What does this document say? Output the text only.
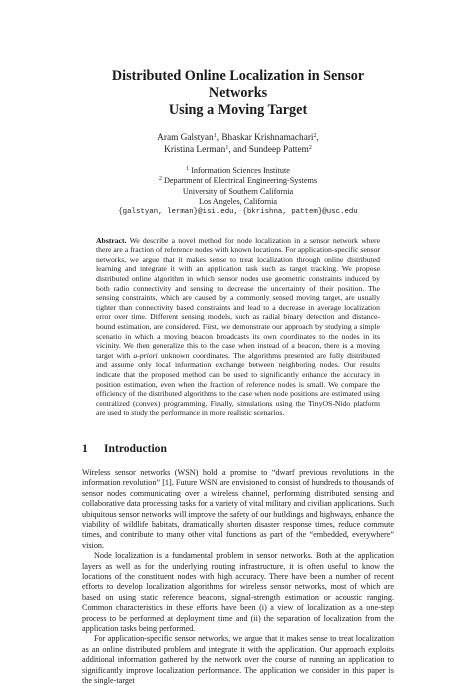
Distributed Online Localization in Sensor Networks
Using a Moving Target
Aram Galstyan$^1$, Bhaskar Krishnamachari$^2$,
Kristina Lerman$^1$, and Sundeep Pattem$^2$
$^1$ Information Sciences Institute
$^2$ Department of Electrical Engineering-Systems
University of Southern California
Los Angeles, California
{galstyan, lerman}@isi.edu, {bkrishna, pattem}@usc.edu
Abstract. We describe a novel method for node localization in a sensor network where there are a fraction of reference nodes with known locations. For application-specific sensor networks, we argue that it makes sense to treat localization through online distributed learning and integrate it with an application task such as target tracking. We propose distributed online algorithm in which sensor nodes use geometric constraints induced by both radio connectivity and sensing to decrease the uncertainty of their position. The sensing constraints, which are caused by a commonly sensed moving target, are usually tighter than connectivity based constraints and lead to a decrease in average localization error over time. Different sensing models, such as radial binary detection and distance-bound estimation, are considered. First, we demonstrate our approach by studying a simple scenario in which a moving beacon broadcasts its own coordinates to the nodes in its vicinity. We then generalize this to the case when instead of a beacon, there is a moving target with a-priori unknown coordinates. The algorithms presented are fully distributed and assume only local information exchange between neighboring nodes. Our results indicate that the proposed method can be used to significantly enhance the accuracy in position estimation, even when the fraction of reference nodes is small. We compare the efficiency of the distributed algorithms to the case when node positions are estimated using centralized (convex) programming. Finally, simulations using the TinyOS-Nido platform are used to study the performance in more realistic scenarios.
1 Introduction

Wireless sensor networks (WSN) hold a promise to “dwarf previous revolutions in the information revolution” [1]. Future WSN are envisioned to consist of hundreds to thousands of sensor nodes communicating over a wireless channel, performing distributed sensing and collaborative data processing tasks for a variety of vital military and civilian applications. Such ubiquitous sensor networks will improve the safety of our buildings and highways, enhance the viability of wildlife habitats, dramatically shorten disaster response times, reduce commute times, and contribute to many other vital functions as part of the “embedded, everywhere” vision.

Node localization is a fundamental problem in sensor networks. Both at the application layers as well as for the underlying routing infrastructure, it is often useful to know the locations of the constituent nodes with high accuracy. There have been a number of recent efforts to develop localization algorithms for wireless sensor networks, most of which are based on using static reference beacons, signal-strength estimation or acoustic ranging. Common characteristics in these efforts have been (i) a view of localization as a one-step process to be performed at deployment time and (ii) the separation of localization from the application tasks being performed.

For application-specific sensor networks, we argue that it makes sense to treat localization as an online distributed problem and integrate it with the application. Our approach exploits additional information gathered by the network over the course of running an application to significantly improve localization performance. The application we consider in this paper is the single-target
